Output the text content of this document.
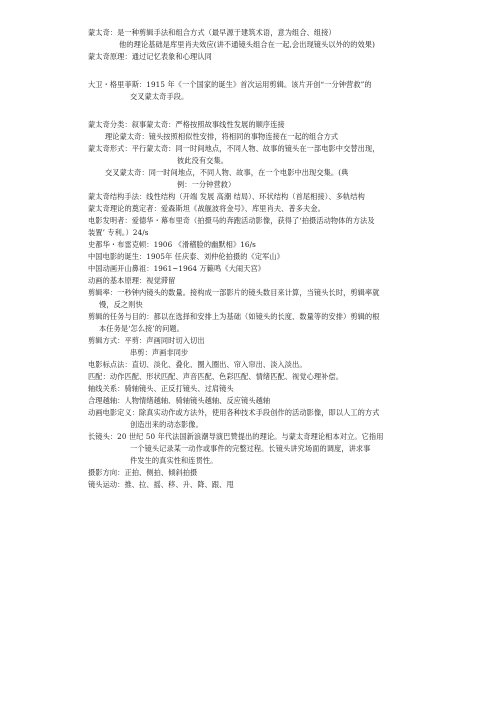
蒙太奇：是一种剪辑手法和组合方式（最早源于建筑术语，意为组合、组接）
他的理论基础是库里肖夫效应(讲不通镜头组合在一起,会出现镜头以外的的效果)
蒙太奇原理：通过记忆表象和心理认同
大卫・格里菲斯：1915 年《一个国家的诞生》首次运用剪辑。该片开创“一分钟营救”的
交叉蒙太奇手段。
蒙太奇分类：叙事蒙太奇：严格按照故事线性发展的顺序连接
理论蒙太奇：镜头按照相似性安排，将相同的事物连接在一起的组合方式
蒙太奇形式：平行蒙太奇：同一时间地点，不同人物、故事的镜头在一部电影中交替出现，
彼此没有交集。
交叉蒙太奇：同一时间地点，不同人物、故事，在一个电影中出现交集。(典
例：一分钟营救）
蒙太奇结构手法：线性结构（开端 发展 高潮 结局）、环状结构（首尾相接）、多轨结构
蒙太奇理论的奠定者：爱森斯坦《战舰波将金号》、库里肖夫、普多夫金。
电影发明者：爱德华・幕布里奇（拍摄马的奔跑活动影像，获得了‘拍摄活动物体的方法及
装置’ 专利。）24/s
史都华・布雷克顿：1906 《滑稽脸的幽默相》16/s
中国电影的诞生：1905年 任庆泰、刘仲伦拍摄的《定军山》
中国动画开山鼻祖：1961~1964 万籁鸣《大闹天宫》
动画的基本原理：视觉滞留
剪辑率：一秒钟内镜头的数量。接构成一部影片的镜头数目来计算，当镜头长时，剪辑率就
慢，反之则快
剪辑的任务与目的：都以在选择和安排上为基础（如镜头的长度、数量等的安排）剪辑的根
本任务是‘怎么接’的问题。
剪辑方式：平剪：声画同时切入切出
串剪：声画非同步
电影标点法：直切、淡化、叠化、圈入圈出、帘入帘出、淡入淡出。
匹配：动作匹配、形状匹配、声音匹配、色彩匹配、情绪匹配、视觉心理补偿。
轴线关系：骑轴镜头、正反打镜头、过肩镜头
合理越轴：人物情绪越轴、骑轴镜头越轴、反应镜头越轴
动画电影定义：除真实动作或方法外，使用各种技术手段创作的活动影像，即以人工的方式
创造出来的动态影像。
长镜头：20 世纪 50 年代法国新浪潮导演巴赞提出的理论。与蒙太奇理论相本对立。它指用
一个镜头记录某一动作或事件的完整过程。长镜头讲究场面的调度，讲求事
件发生的真实性和连贯性。
摄影方向：正拍、侧拍、倾斜拍摄
镜头运动：推、拉、摇、移、升、降、跟、甩
